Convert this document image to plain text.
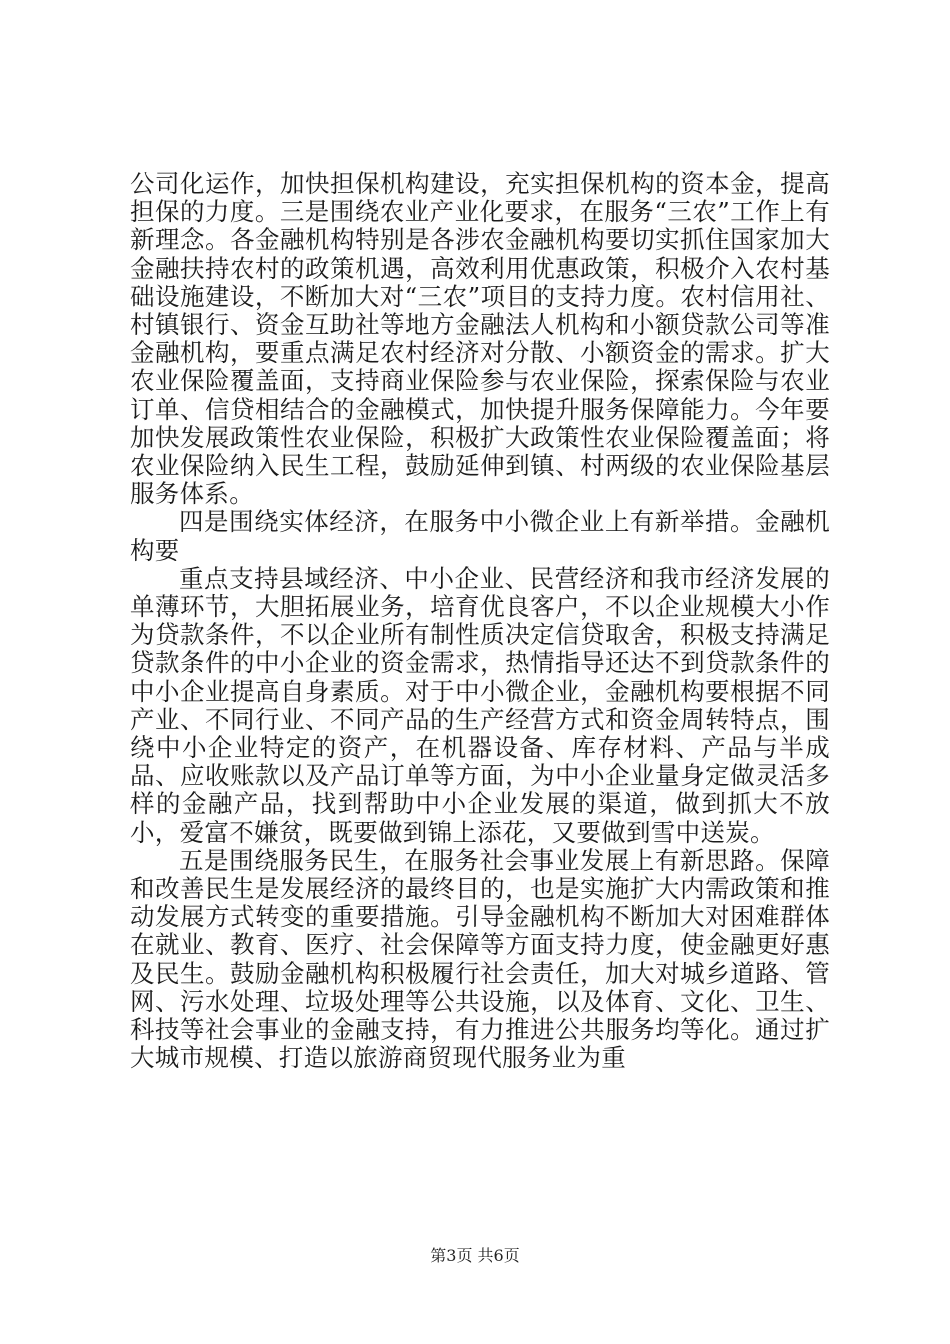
公司化运作，加快担保机构建设，充实担保机构的资本金，提高担保的力度。三是围绕农业产业化要求，在服务“三农”工作上有新理念。各金融机构特别是各涉农金融机构要切实抓住国家加大金融扶持农村的政策机遇，高效利用优惠政策，积极介入农村基础设施建设，不断加大对“三农”项目的支持力度。农村信用社、村镇银行、资金互助社等地方金融法人机构和小额贷款公司等准金融机构，要重点满足农村经济对分散、小额资金的需求。扩大农业保险覆盖面，支持商业保险参与农业保险，探索保险与农业订单、信贷相结合的金融模式，加快提升服务保障能力。今年要加快发展政策性农业保险，积极扩大政策性农业保险覆盖面；将农业保险纳入民生工程，鼓励延伸到镇、村两级的农业保险基层服务体系。

四是围绕实体经济，在服务中小微企业上有新举措。金融机构要

重点支持县域经济、中小企业、民营经济和我市经济发展的单薄环节，大胆拓展业务，培育优良客户，不以企业规模大小作为贷款条件，不以企业所有制性质决定信贷取舍，积极支持满足贷款条件的中小企业的资金需求，热情指导还达不到贷款条件的中小企业提高自身素质。对于中小微企业，金融机构要根据不同产业、不同行业、不同产品的生产经营方式和资金周转特点，围绕中小企业特定的资产，在机器设备、库存材料、产品与半成品、应收账款以及产品订单等方面，为中小企业量身定做灵活多样的金融产品，找到帮助中小企业发展的渠道，做到抓大不放小，爱富不嫌贫，既要做到锦上添花，又要做到雪中送炭。

五是围绕服务民生，在服务社会事业发展上有新思路。保障和改善民生是发展经济的最终目的，也是实施扩大内需政策和推动发展方式转变的重要措施。引导金融机构不断加大对困难群体在就业、教育、医疗、社会保障等方面支持力度，使金融更好惠及民生。鼓励金融机构积极履行社会责任，加大对城乡道路、管网、污水处理、垃圾处理等公共设施，以及体育、文化、卫生、科技等社会事业的金融支持，有力推进公共服务均等化。通过扩大城市规模、打造以旅游商贸现代服务业为重

第3页 共6页
